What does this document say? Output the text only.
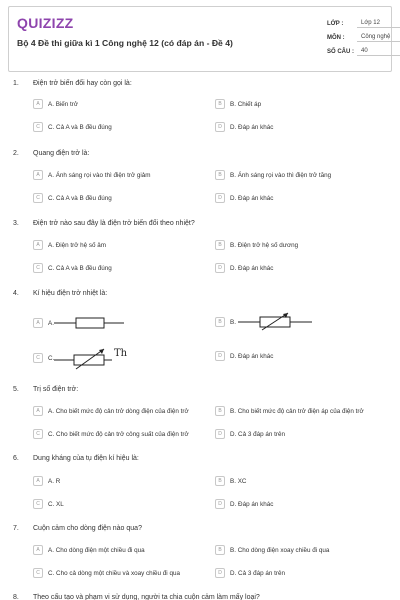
QUIZIZZ
Bộ 4 Đề thi giữa kì 1 Công nghệ 12 (có đáp án - Đề 4)
LỚP :	Lớp 12
MÔN :	Công nghệ
SỐ CÂU :	40
1. Điện trở biến đổi hay còn gọi là:
A	A. Biến trở	B	B. Chiết áp
C	C. Cả A và B đều đúng	D	D. Đáp án khác
2. Quang điện trở là:
A	A. Ánh sáng rọi vào thì điện trở giảm	B	B. Ánh sáng rọi vào thì điện trở tăng
C	C. Cả A và B đều đúng	D	D. Đáp án khác
3. Điện trở nào sau đây là điện trở biến đổi theo nhiệt?
A	A. Điện trở hệ số âm	B	B. Điện trở hệ số dương
C	C. Cả A và B đều đúng	D	D. Đáp án khác
4. Kí hiệu điện trở nhiệt là:
A	A.	B	B.
C	C.	Th	D	D. Đáp án khác
5. Trị số điện trở:
A	A. Cho biết mức độ cản trở dòng điện của điện trở	B	B. Cho biết mức độ cản trở điện áp của điện trở
C	C. Cho biết mức độ cản trở công suất của điện trở	D	D. Cả 3 đáp án trên
6. Dung kháng của tụ điện kí hiệu là:
A	A. R	B	B. XC
C	C. XL	D	D. Đáp án khác
7. Cuộn cảm cho dòng điện nào qua?
A	A. Cho dòng điện một chiều đi qua	B	B. Cho dòng điện xoay chiều đi qua
C	C. Cho cả dòng một chiều và xoay chiều đi qua	D	D. Cả 3 đáp án trên
8. Theo cấu tạo và phạm vi sử dụng, người ta chia cuộn cảm làm mấy loại?
